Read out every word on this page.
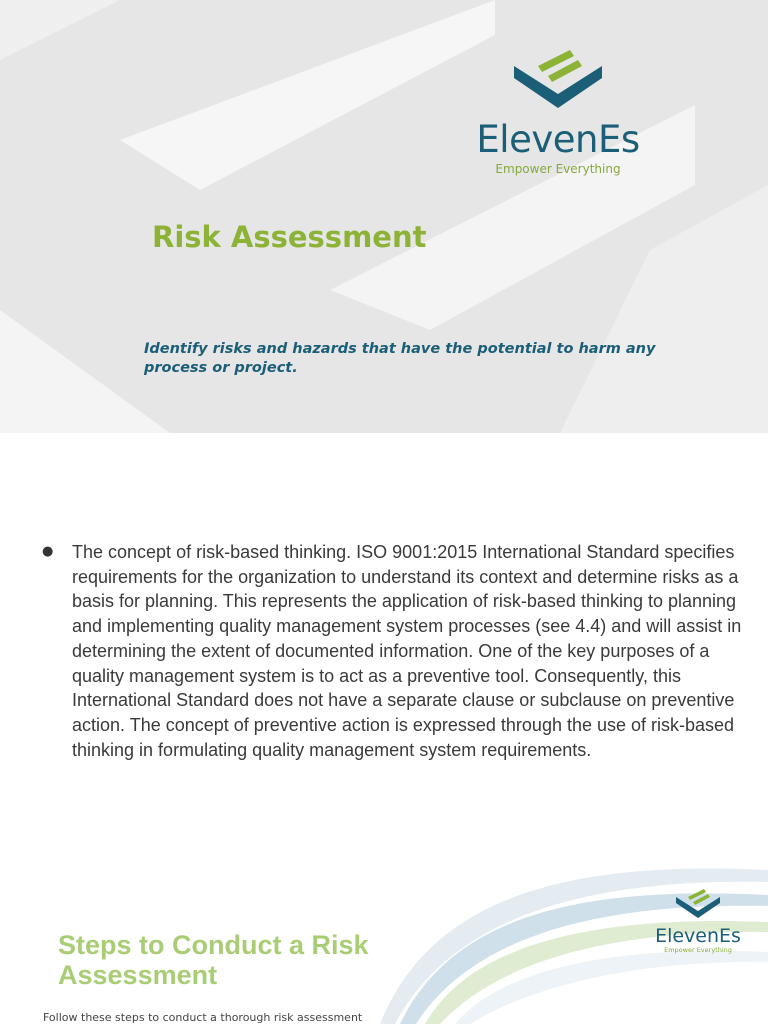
ElevenEs
Empower Everything
Risk Assessment

Identify risks and hazards that have the potential to harm any process or project.

●	The concept of risk-based thinking. ISO 9001:2015 International Standard specifies requirements for the organization to understand its context and determine risks as a basis for planning. This represents the application of risk-based thinking to planning and implementing quality management system processes (see 4.4) and will assist in determining the extent of documented information. One of the key purposes of a quality management system is to act as a preventive tool. Consequently, this International Standard does not have a separate clause or subclause on preventive action. The concept of preventive action is expressed through the use of risk-based thinking in formulating quality management system requirements.

ElevenEs
Empower Everything
Steps to Conduct a Risk Assessment

Follow these steps to conduct a thorough risk assessment
